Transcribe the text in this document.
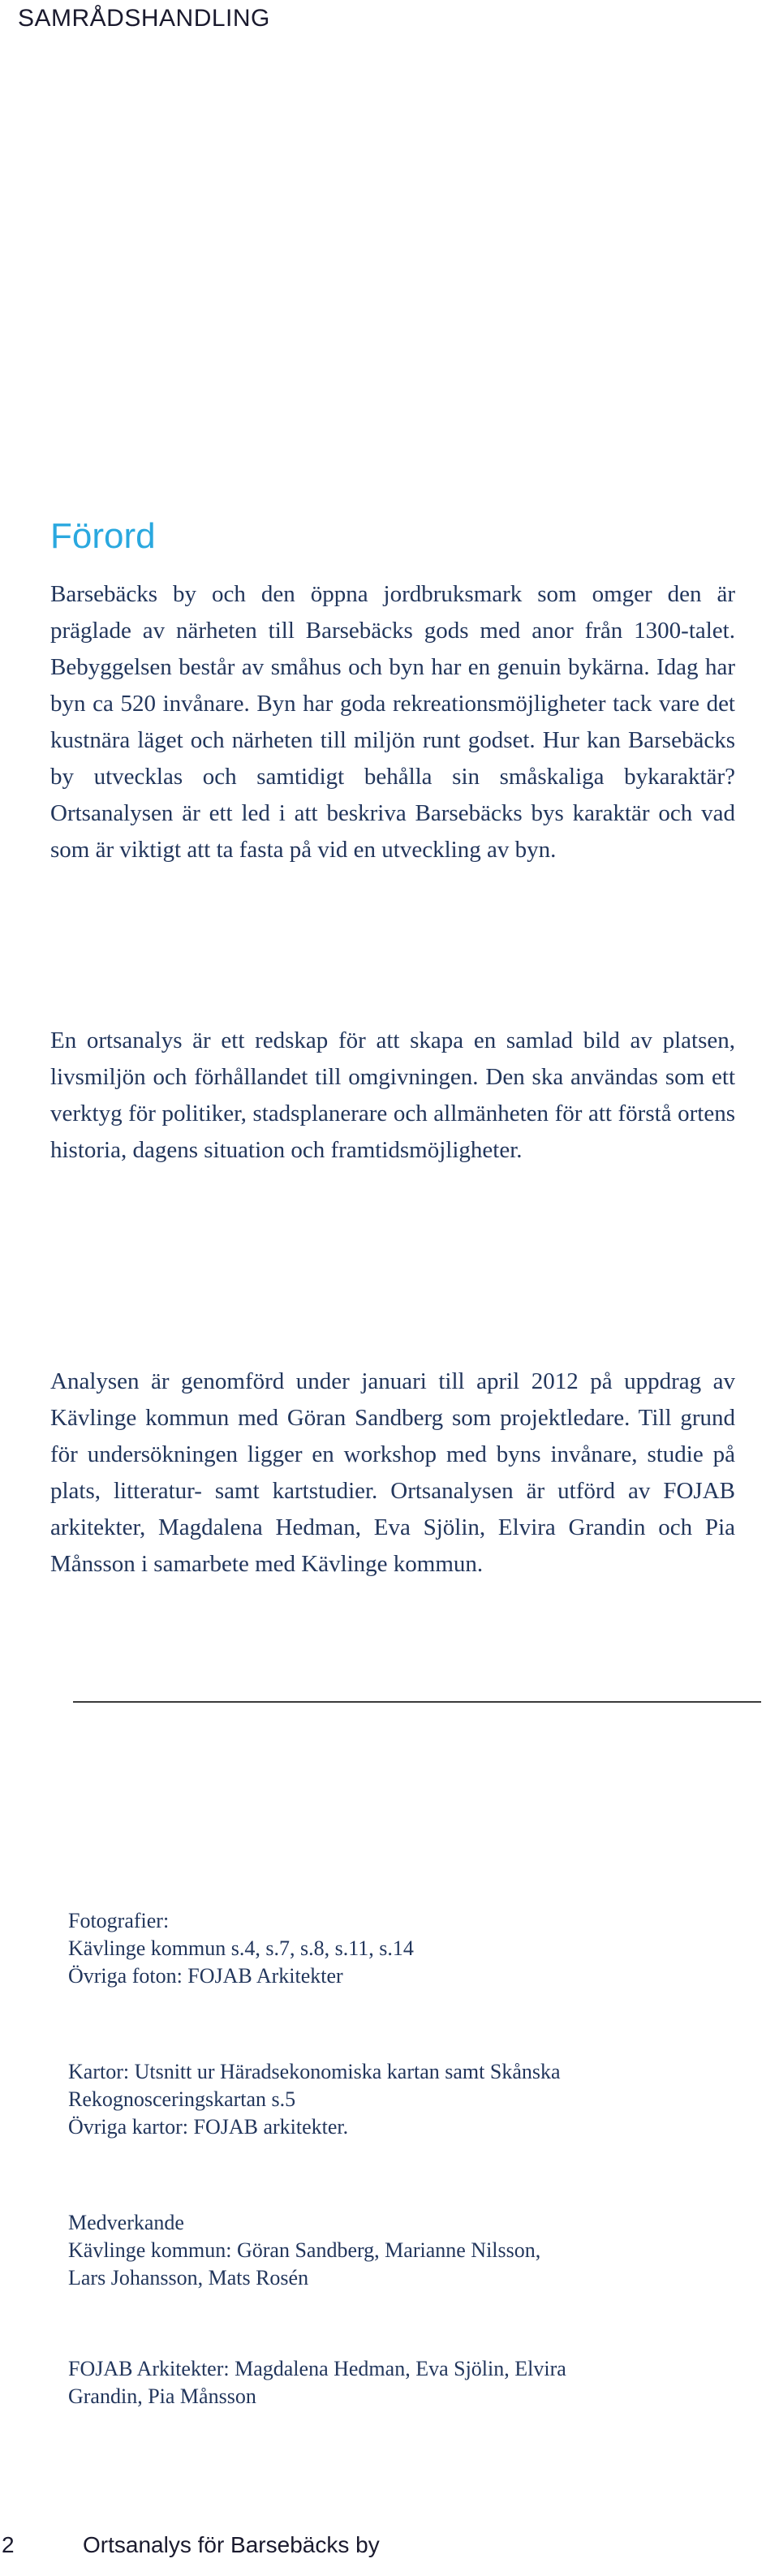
SAMRÅDSHANDLING
Förord

Barsebäcks by och den öppna jordbruksmark som omger den är präglade av närheten till Barsebäcks gods med anor från 1300-talet. Bebyggelsen består av småhus och byn har en genuin bykärna. Idag har byn ca 520 invånare. Byn har goda rekreationsmöjligheter tack vare det kustnära läget och närheten till miljön runt godset. Hur kan Barsebäcks by utvecklas och samtidigt behålla sin småskaliga bykaraktär? Ortsanalysen är ett led i att beskriva Barsebäcks bys karaktär och vad som är viktigt att ta fasta på vid en utveckling av byn.

En ortsanalys är ett redskap för att skapa en samlad bild av platsen, livsmiljön och förhållandet till omgivningen. Den ska användas som ett verktyg för politiker, stadsplanerare och allmänheten för att förstå ortens historia, dagens situation och framtidsmöjligheter.

Analysen är genomförd under januari till april 2012 på uppdrag av Kävlinge kommun med Göran Sandberg som projektledare. Till grund för undersökningen ligger en workshop med byns invånare, studie på plats, litteratur- samt kartstudier. Ortsanalysen är utförd av FOJAB arkitekter, Magdalena Hedman, Eva Sjölin, Elvira Grandin och Pia Månsson i samarbete med Kävlinge kommun.

Fotografier:
Kävlinge kommun s.4, s.7, s.8, s.11, s.14
Övriga foton: FOJAB Arkitekter
Kartor: Utsnitt ur Häradsekonomiska kartan samt Skånska
Rekognosceringskartan s.5
Övriga kartor: FOJAB arkitekter.
Medverkande
Kävlinge kommun: Göran Sandberg, Marianne Nilsson,
Lars Johansson, Mats Rosén
FOJAB Arkitekter: Magdalena Hedman, Eva Sjölin, Elvira
Grandin, Pia Månsson
2	Ortsanalys för Barsebäcks by
